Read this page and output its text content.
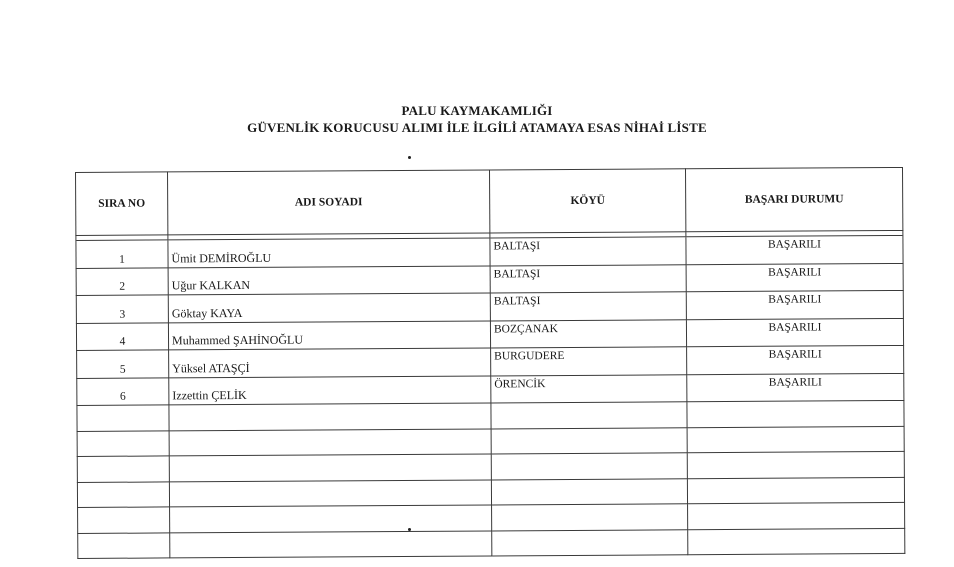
PALU KAYMAKAMLIĞI
GÜVENLİK KORUCUSU ALIMI İLE İLGİLİ ATAMAYA ESAS NİHAİ LİSTE
SIRA NO	ADI SOYADI	KÖYÜ	BAŞARI DURUMU

1	Ümit DEMİROĞLU	BALTAŞI	BAŞARILI
2	Uğur KALKAN	BALTAŞI	BAŞARILI
3	Göktay KAYA	BALTAŞI	BAŞARILI
4	Muhammed ŞAHİNOĞLU	BOZÇANAK	BAŞARILI
5	Yüksel ATAŞÇİ	BURGUDERE	BAŞARILI
6	Izzettin ÇELİK	ÖRENCİK	BAŞARILI
